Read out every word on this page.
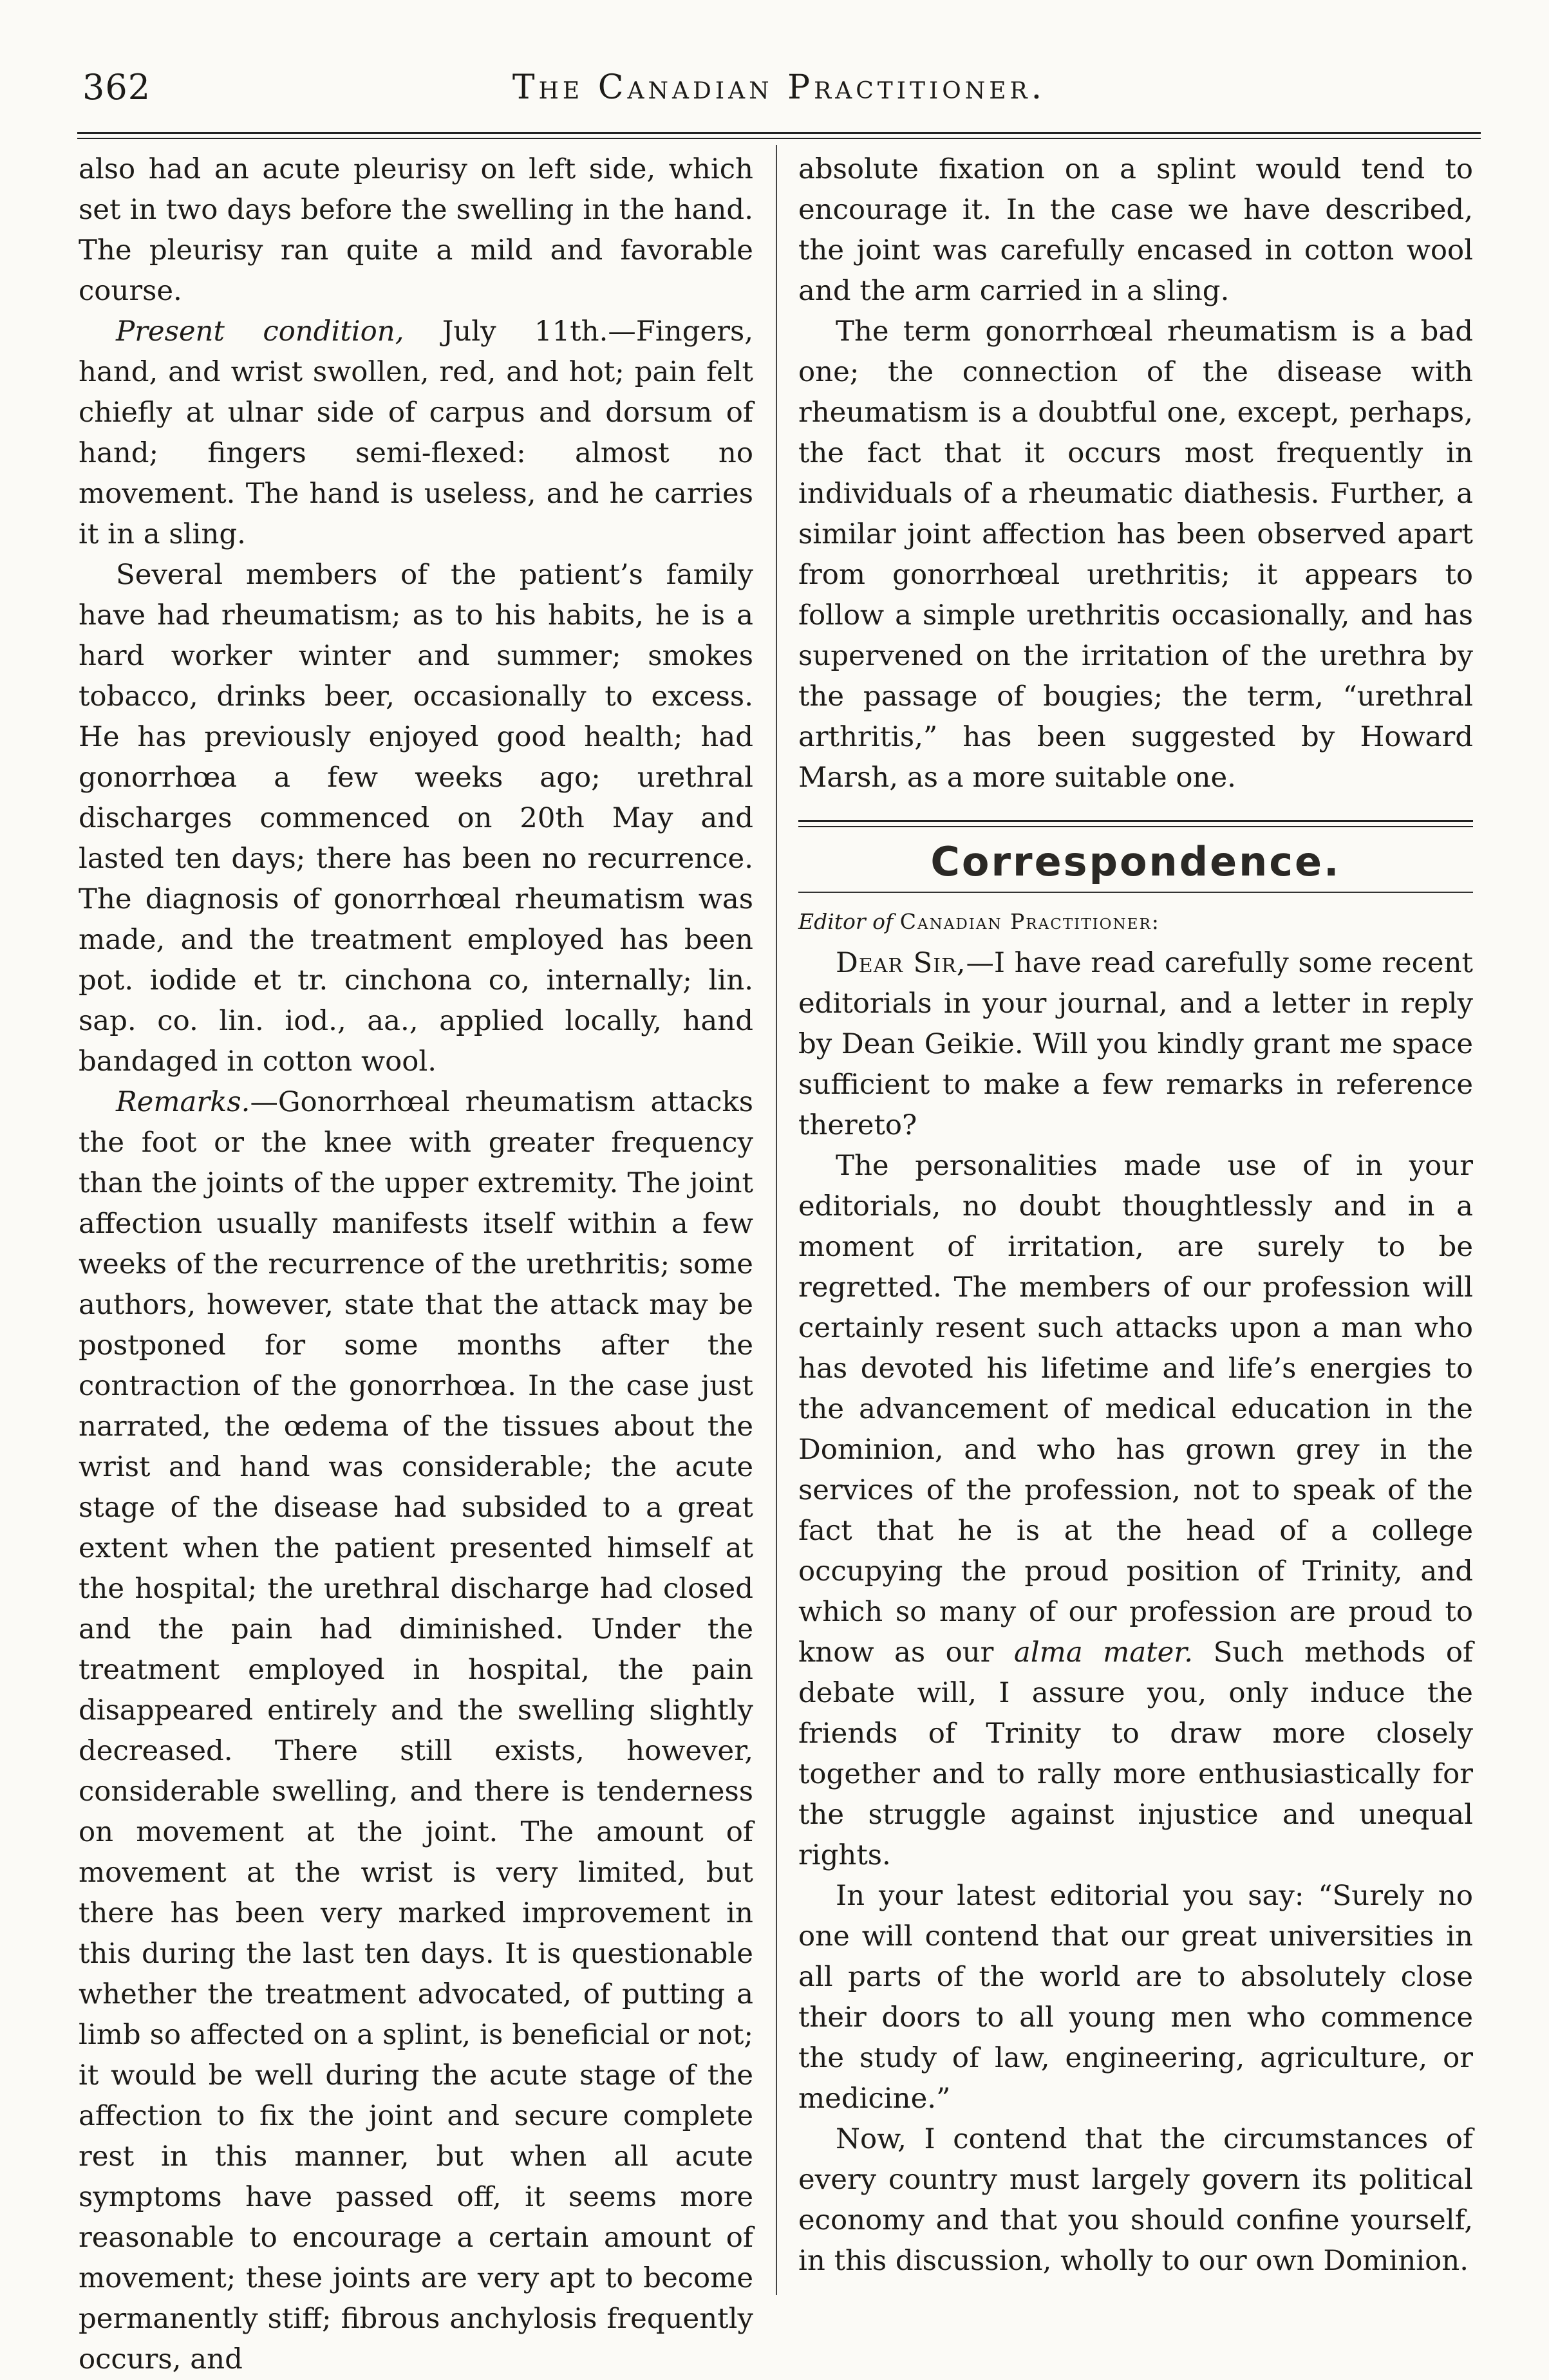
362	The Canadian Practitioner.

also had an acute pleurisy on left side, which set in two days before the swelling in the hand. The pleurisy ran quite a mild and favorable course.

Present condition, July 11th.—Fingers, hand, and wrist swollen, red, and hot; pain felt chiefly at ulnar side of carpus and dorsum of hand; fingers semi-flexed: almost no movement. The hand is useless, and he carries it in a sling.

Several members of the patient’s family have had rheumatism; as to his habits, he is a hard worker winter and summer; smokes tobacco, drinks beer, occasionally to excess. He has previously enjoyed good health; had gonorrhœa a few weeks ago; urethral discharges commenced on 20th May and lasted ten days; there has been no recurrence. The diagnosis of gonorrhœal rheumatism was made, and the treatment employed has been pot. iodide et tr. cinchona co, internally; lin. sap. co. lin. iod., aa., applied locally, hand bandaged in cotton wool.

Remarks.—Gonorrhœal rheumatism attacks the foot or the knee with greater frequency than the joints of the upper extremity. The joint affection usually manifests itself within a few weeks of the recurrence of the urethritis; some authors, however, state that the attack may be postponed for some months after the contraction of the gonorrhœa. In the case just narrated, the œdema of the tissues about the wrist and hand was considerable; the acute stage of the disease had subsided to a great extent when the patient presented himself at the hospital; the urethral discharge had closed and the pain had diminished. Under the treatment employed in hospital, the pain disappeared entirely and the swelling slightly decreased. There still exists, however, considerable swelling, and there is tenderness on movement at the joint. The amount of movement at the wrist is very limited, but there has been very marked improvement in this during the last ten days. It is questionable whether the treatment advocated, of putting a limb so affected on a splint, is beneficial or not; it would be well during the acute stage of the affection to fix the joint and secure complete rest in this manner, but when all acute symptoms have passed off, it seems more reasonable to encourage a certain amount of movement; these joints are very apt to become permanently stiff; fibrous anchylosis frequently occurs, and

absolute fixation on a splint would tend to encourage it. In the case we have described, the joint was carefully encased in cotton wool and the arm carried in a sling.

The term gonorrhœal rheumatism is a bad one; the connection of the disease with rheumatism is a doubtful one, except, perhaps, the fact that it occurs most frequently in individuals of a rheumatic diathesis. Further, a similar joint affection has been observed apart from gonorrhœal urethritis; it appears to follow a simple urethritis occasionally, and has supervened on the irritation of the urethra by the passage of bougies; the term, “urethral arthritis,” has been suggested by Howard Marsh, as a more suitable one.

Correspondence.
Editor of Canadian Practitioner:

Dear Sir,—I have read carefully some recent editorials in your journal, and a letter in reply by Dean Geikie. Will you kindly grant me space sufficient to make a few remarks in reference thereto?

The personalities made use of in your editorials, no doubt thoughtlessly and in a moment of irritation, are surely to be regretted. The members of our profession will certainly resent such attacks upon a man who has devoted his lifetime and life’s energies to the advancement of medical education in the Dominion, and who has grown grey in the services of the profession, not to speak of the fact that he is at the head of a college occupying the proud position of Trinity, and which so many of our profession are proud to know as our alma mater. Such methods of debate will, I assure you, only induce the friends of Trinity to draw more closely together and to rally more enthusiastically for the struggle against injustice and unequal rights.

In your latest editorial you say: “Surely no one will contend that our great universities in all parts of the world are to absolutely close their doors to all young men who commence the study of law, engineering, agriculture, or medicine.”

Now, I contend that the circumstances of every country must largely govern its political economy and that you should confine yourself, in this discussion, wholly to our own Dominion.
